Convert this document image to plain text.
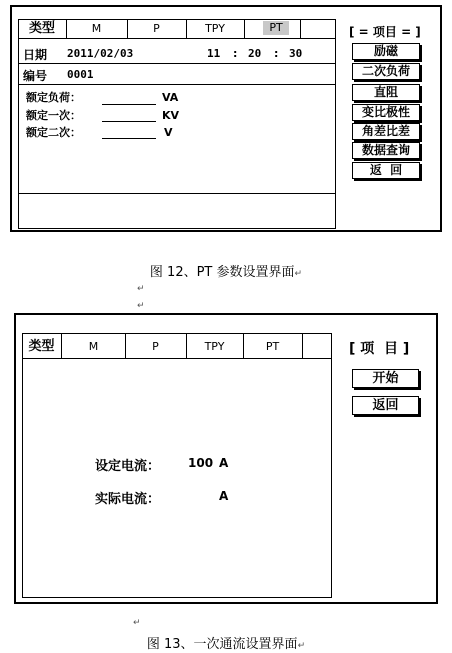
类型	M	P	TPY	PT
日期 2011/02/03	11 : 20 : 30
编号 0001
额定负荷：	VA
额定一次：	KV
额定二次：	V
[ = 项目 = ]
励磁
二次负荷
直阻
变比极性
角差比差
数据查询
返  回
图 12、PT 参数设置界面↵
↵
↵
类型	M	P	TPY	PT
设定电流： 100 A
实际电流：	A
[ 项  目 ]
开始
返回
↵
图 13、一次通流设置界面↵
